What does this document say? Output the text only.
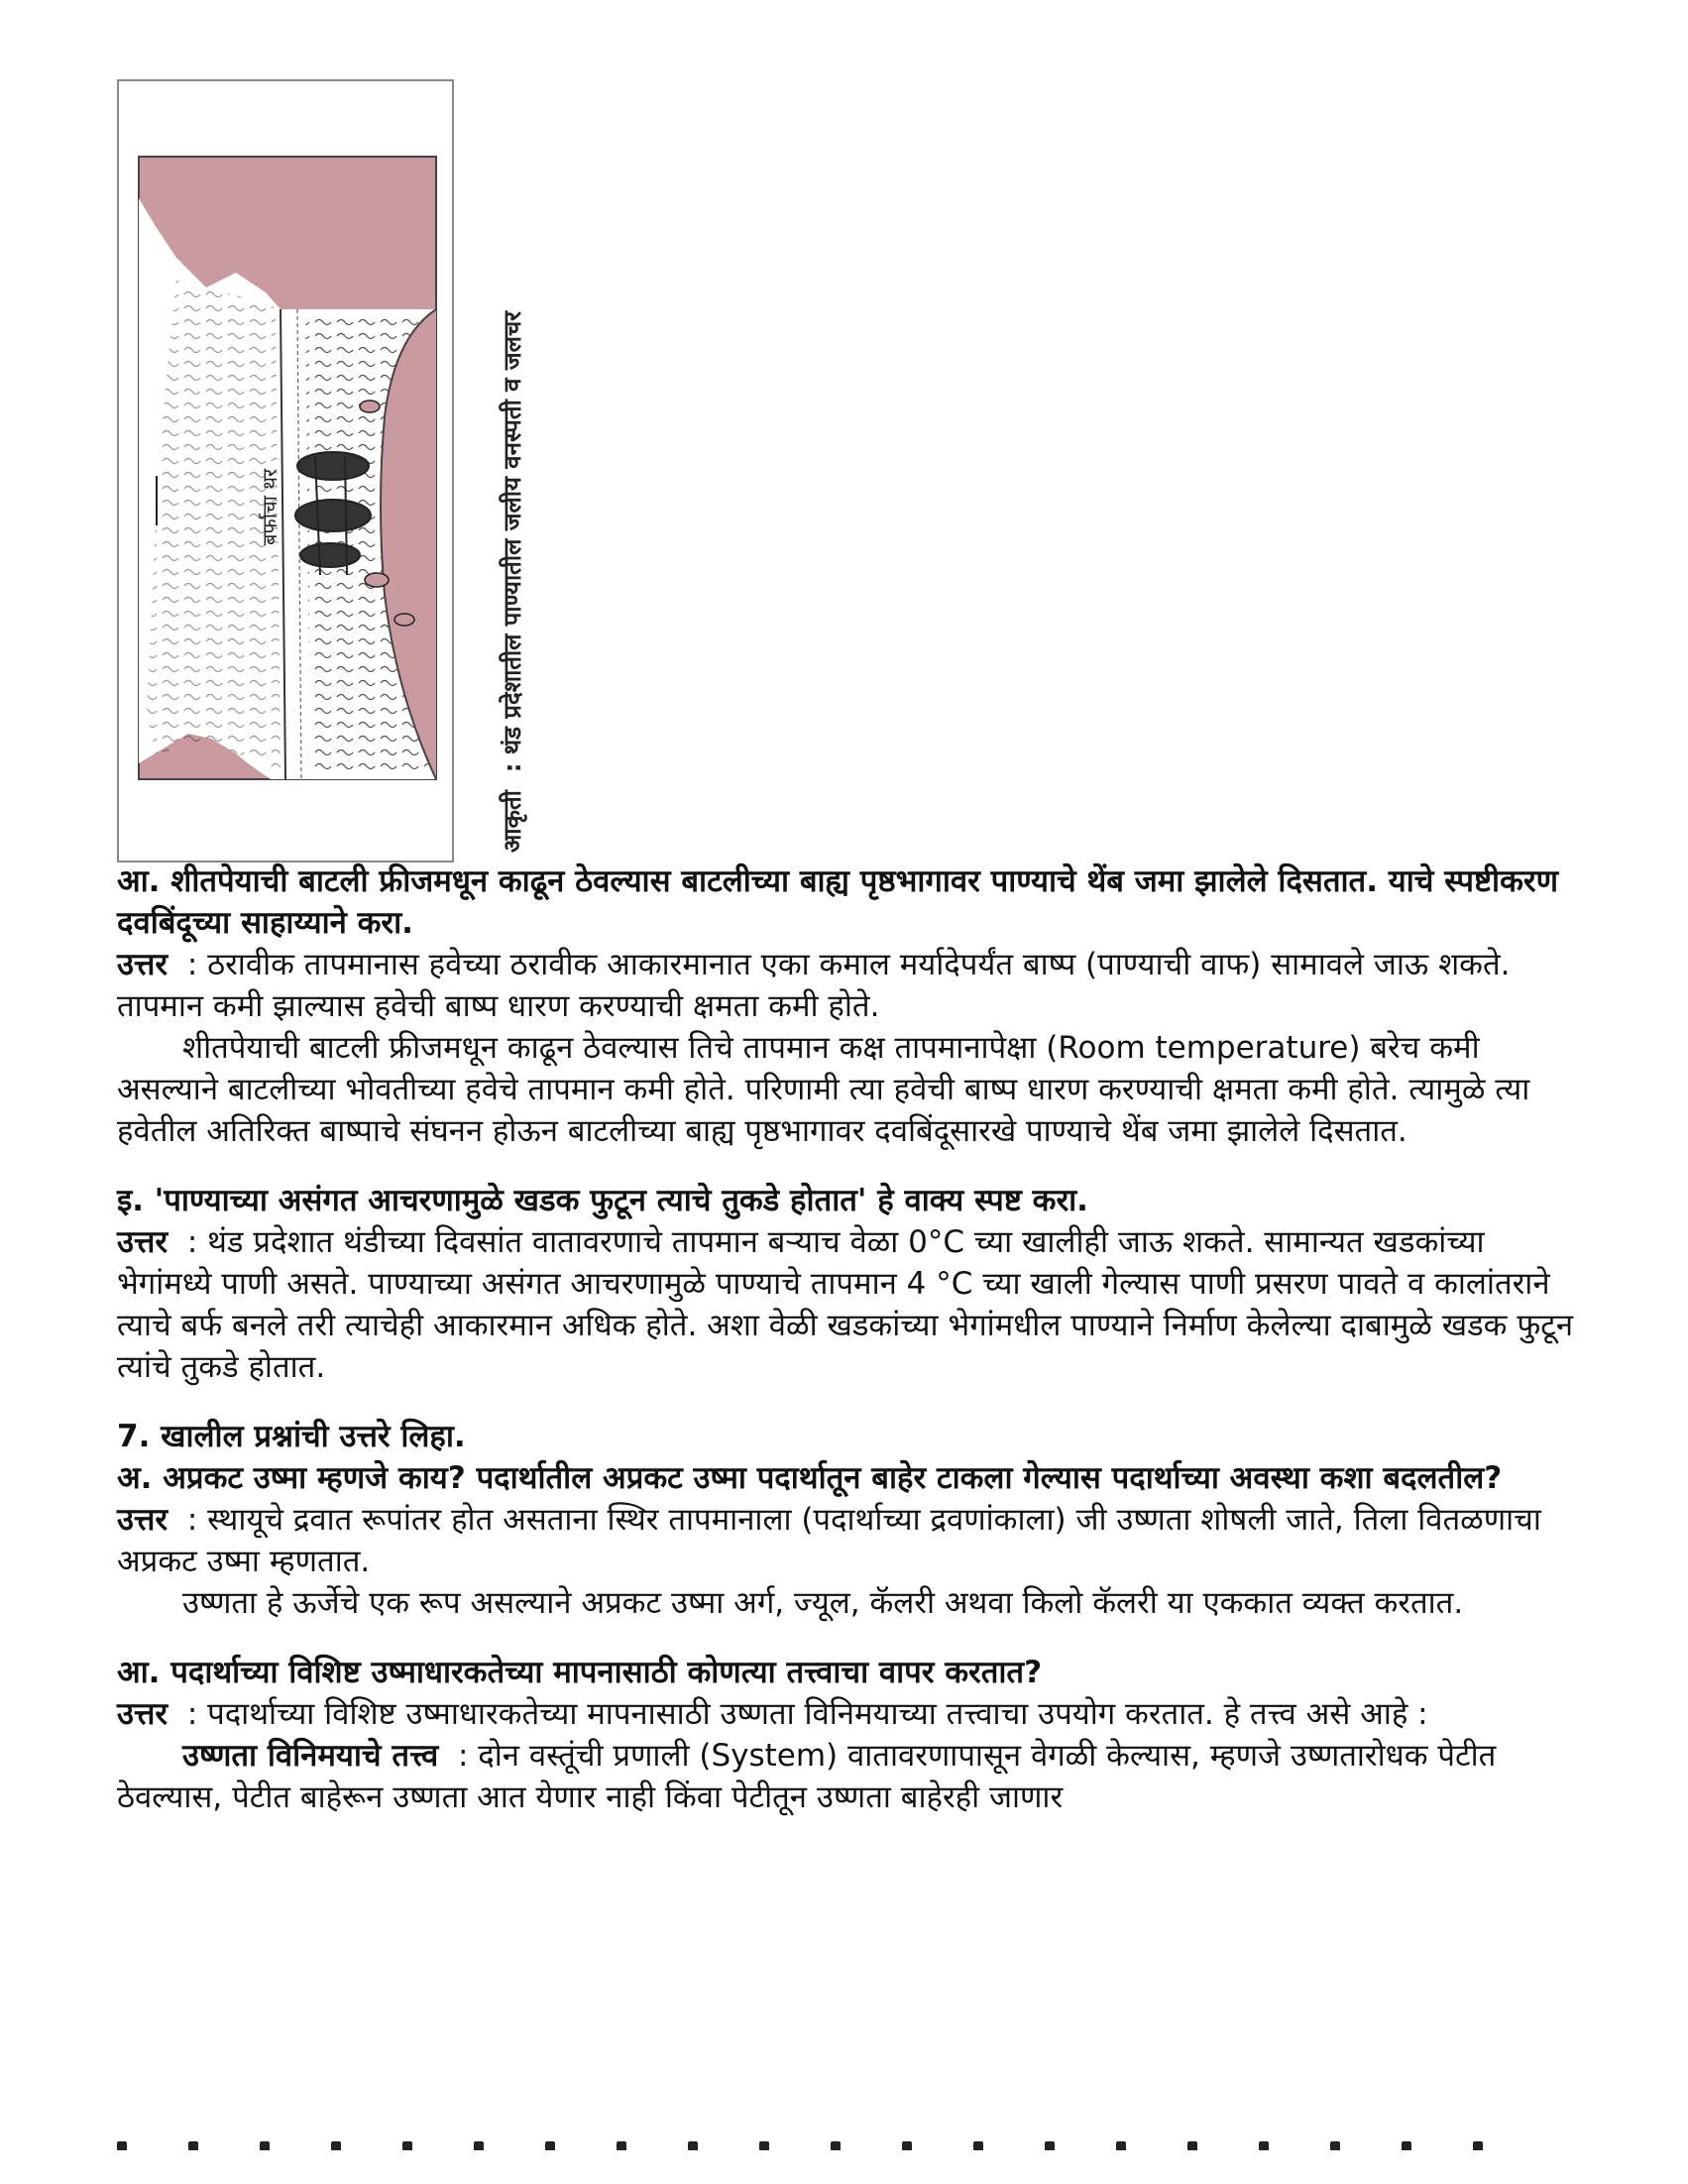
बर्फाचा थर
आकृती: थंड प्रदेशातील पाण्यातील जलीय वनस्पती व जलचर

आ. शीतपेयाची बाटली फ्रीजमधून काढून ठेवल्यास बाटलीच्या बाह्य पृष्ठभागावर पाण्याचे थेंब जमा झालेले दिसतात. याचे स्पष्टीकरण दवबिंदूच्या साहाय्याने करा.

उत्तर : ठरावीक तापमानास हवेच्या ठरावीक आकारमानात एका कमाल मर्यादेपर्यंत बाष्प (पाण्याची वाफ) सामावले जाऊ शकते. तापमान कमी झाल्यास हवेची बाष्प धारण करण्याची क्षमता कमी होते.

शीतपेयाची बाटली फ्रीजमधून काढून ठेवल्यास तिचे तापमान कक्ष तापमानापेक्षा (Room temperature) बरेच कमी असल्याने बाटलीच्या भोवतीच्या हवेचे तापमान कमी होते. परिणामी त्या हवेची बाष्प धारण करण्याची क्षमता कमी होते. त्यामुळे त्या हवेतील अतिरिक्त बाष्पाचे संघनन होऊन बाटलीच्या बाह्य पृष्ठभागावर दवबिंदूसारखे पाण्याचे थेंब जमा झालेले दिसतात.

इ. 'पाण्याच्या असंगत आचरणामुळे खडक फुटून त्याचे तुकडे होतात' हे वाक्य स्पष्ट करा.

उत्तर : थंड प्रदेशात थंडीच्या दिवसांत वातावरणाचे तापमान बऱ्याच वेळा 0°C च्या खालीही जाऊ शकते. सामान्यत खडकांच्या भेगांमध्ये पाणी असते. पाण्याच्या असंगत आचरणामुळे पाण्याचे तापमान 4 °C च्या खाली गेल्यास पाणी प्रसरण पावते व कालांतराने त्याचे बर्फ बनले तरी त्याचेही आकारमान अधिक होते. अशा वेळी खडकांच्या भेगांमधील पाण्याने निर्माण केलेल्या दाबामुळे खडक फुटून त्यांचे तुकडे होतात.

7. खालील प्रश्नांची उत्तरे लिहा.

अ. अप्रकट उष्मा म्हणजे काय? पदार्थातील अप्रकट उष्मा पदार्थातून बाहेर टाकला गेल्यास पदार्थाच्या अवस्था कशा बदलतील?

उत्तर : स्थायूचे द्रवात रूपांतर होत असताना स्थिर तापमानाला (पदार्थाच्या द्रवणांकाला) जी उष्णता शोषली जाते, तिला वितळणाचा अप्रकट उष्मा म्हणतात.

उष्णता हे ऊर्जेचे एक रूप असल्याने अप्रकट उष्मा अर्ग, ज्यूल, कॅलरी अथवा किलो कॅलरी या एककात व्यक्त करतात.

आ. पदार्थाच्या विशिष्ट उष्माधारकतेच्या मापनासाठी कोणत्या तत्त्वाचा वापर करतात?

उत्तर : पदार्थाच्या विशिष्ट उष्माधारकतेच्या मापनासाठी उष्णता विनिमयाच्या तत्त्वाचा उपयोग करतात. हे तत्त्व असे आहे :

उष्णता विनिमयाचे तत्त्व : दोन वस्तूंची प्रणाली (System) वातावरणापासून वेगळी केल्यास, म्हणजे उष्णतारोधक पेटीत ठेवल्यास, पेटीत बाहेरून उष्णता आत येणार नाही किंवा पेटीतून उष्णता बाहेरही जाणार
